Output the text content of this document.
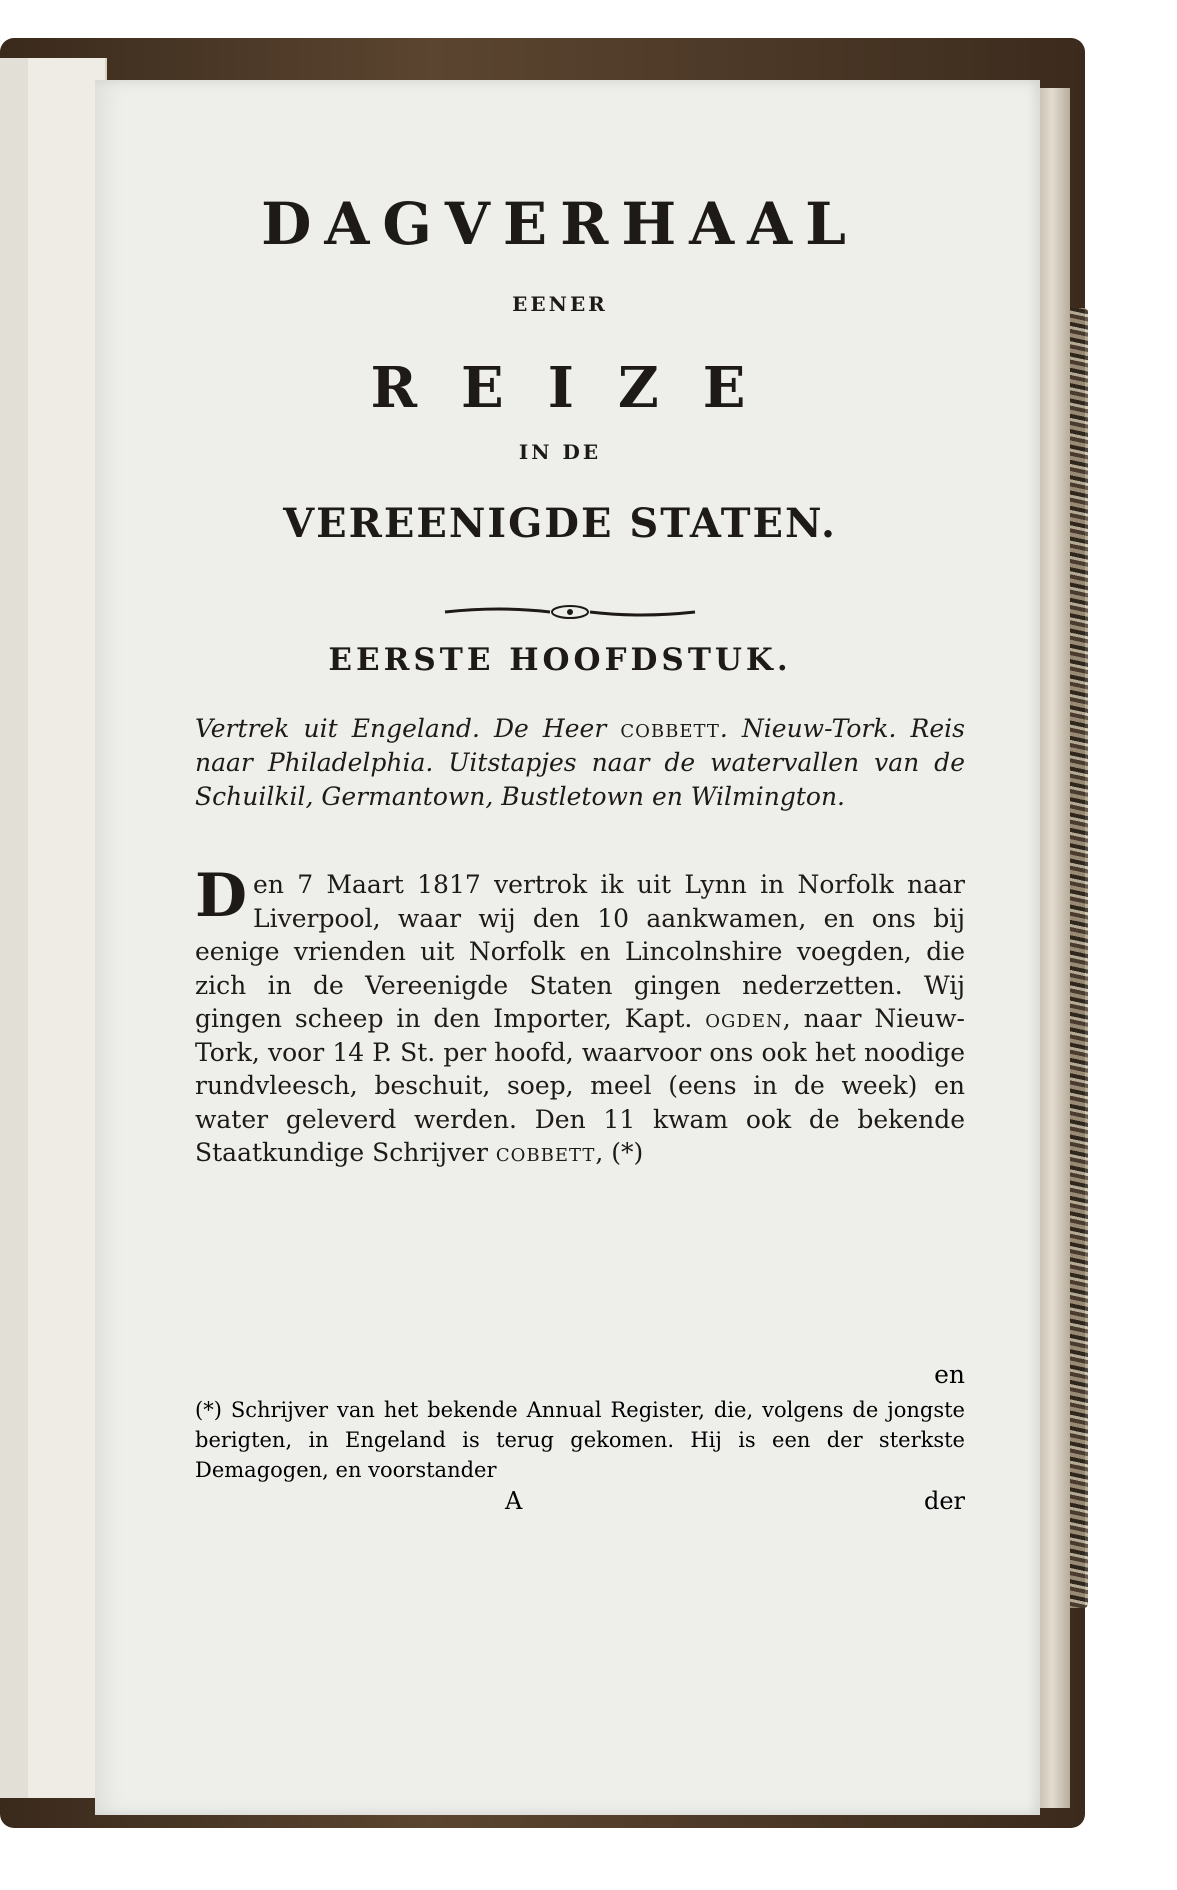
DAGVERHAAL
EENER
REIZE
IN DE
VEREENIGDE STATEN.
EERSTE HOOFDSTUK.
Vertrek uit Engeland. De Heer cobbett. Nieuw-Tork. Reis naar Philadelphia. Uitstapjes naar de watervallen van de Schuilkil, Germantown, Bustletown en Wilmington.
Den 7 Maart 1817 vertrok ik uit Lynn in Norfolk naar Liverpool, waar wij den 10 aankwamen, en ons bij eenige vrienden uit Norfolk en Lincolnshire voegden, die zich in de Vereenigde Staten gingen nederzetten. Wij gingen scheep in den Importer, Kapt. ogden, naar Nieuw-Tork, voor 14 P. St. per hoofd, waarvoor ons ook het noodige rundvleesch, beschuit, soep, meel (eens in de week) en water geleverd werden. Den 11 kwam ook de bekende Staatkundige Schrijver cobbett, (*)
en
(*) Schrijver van het bekende Annual Register, die, volgens de jongste berigten, in Engeland is terug gekomen. Hij is een der sterkste Demagogen, en voorstander
A	der
